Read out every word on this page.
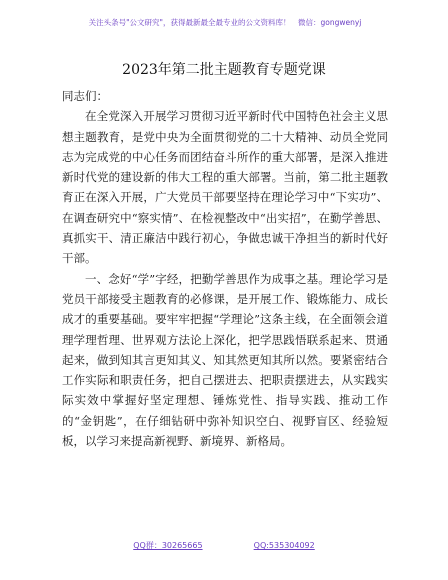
关注头条号"公文研究"，获得最新最全最专业的公文资料库！　微信：gongwenyj
2023年第二批主题教育专题党课

同志们：

在全党深入开展学习贯彻习近平新时代中国特色社会主义思想主题教育，是党中央为全面贯彻党的二十大精神、动员全党同志为完成党的中心任务而团结奋斗所作的重大部署，是深入推进新时代党的建设新的伟大工程的重大部署。当前，第二批主题教育正在深入开展，广大党员干部要坚持在理论学习中“下实功”、在调查研究中“察实情”、在检视整改中“出实招”，在勤学善思、真抓实干、清正廉洁中践行初心，争做忠诚干净担当的新时代好干部。

一、念好“学”字经，把勤学善思作为成事之基。理论学习是党员干部接受主题教育的必修课，是开展工作、锻炼能力、成长成才的重要基础。要牢牢把握“学理论”这条主线，在全面领会道理学理哲理、世界观方法论上深化，把学思践悟联系起来、贯通起来，做到知其言更知其义、知其然更知其所以然。要紧密结合工作实际和职责任务，把自己摆进去、把职责摆进去，从实践实际实效中掌握好坚定理想、锤炼党性、指导实践、推动工作的“金钥匙”，在仔细钻研中弥补知识空白、视野盲区、经验短板，以学习来提高新视野、新境界、新格局。

QQ群：30265665	QQ:535304092
